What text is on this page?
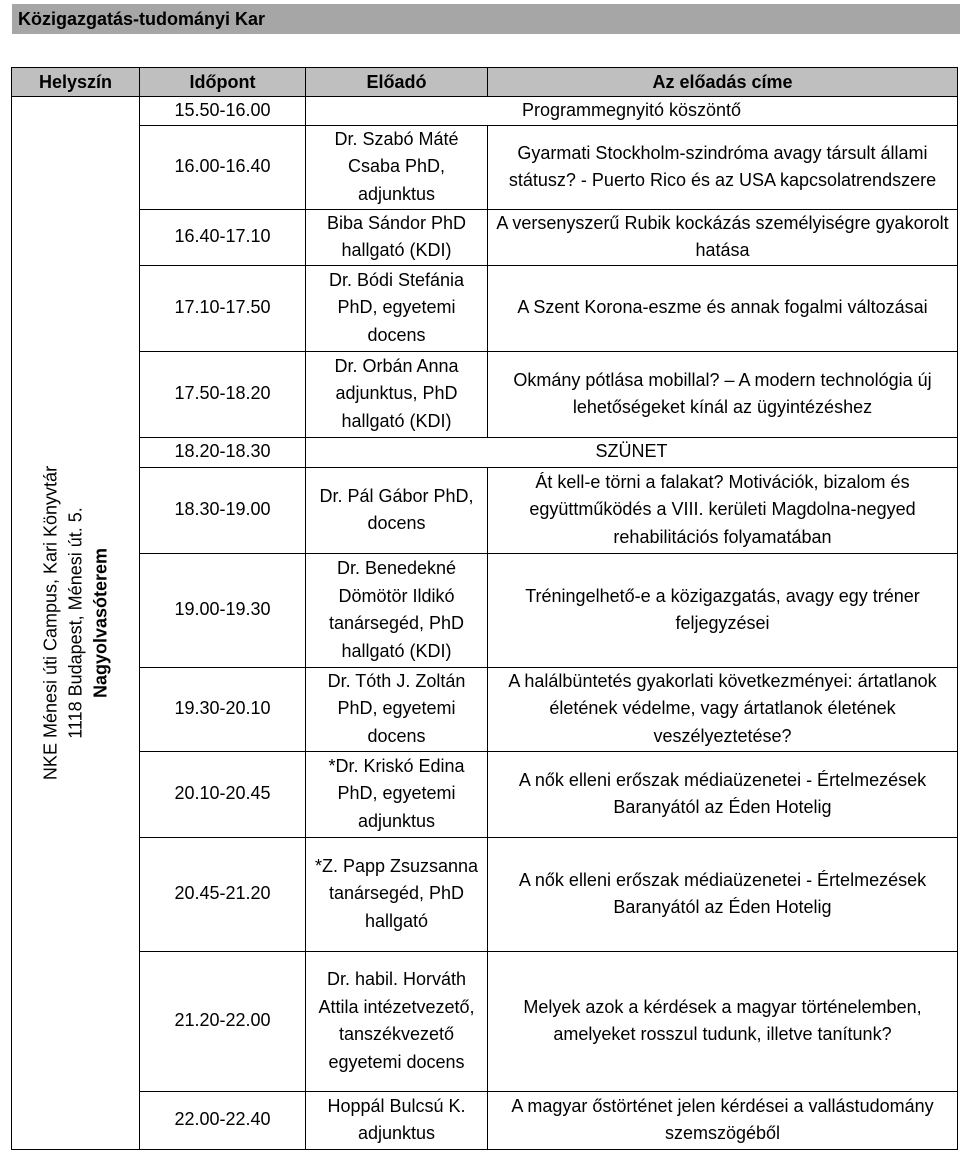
Közigazgatás-tudományi Kar
Helyszín	Időpont	Előadó	Az előadás címe

NKE Ménesi úti Campus, Kari Könyvtár 1118 Budapest, Ménesi út. 5. Nagyolvasóterem	15.50-16.00	Programmegnyitó köszöntő	
	16.00-16.40	Dr. Szabó Máté Csaba PhD, adjunktus	Gyarmati Stockholm-szindróma avagy társult állami státusz? - Puerto Rico és az USA kapcsolatrendszere
	16.40-17.10	Biba Sándor PhD hallgató (KDI)	A versenyszerű Rubik kockázás személyiségre gyakorolt hatása
	17.10-17.50	Dr. Bódi Stefánia PhD, egyetemi docens	A Szent Korona-eszme és annak fogalmi változásai
	17.50-18.20	Dr. Orbán Anna adjunktus, PhD hallgató (KDI)	Okmány pótlása mobillal? – A modern technológia új lehetőségeket kínál az ügyintézéshez
	18.20-18.30	SZÜNET	
	18.30-19.00	Dr. Pál Gábor PhD, docens	Át kell-e törni a falakat? Motivációk, bizalom és együttműködés a VIII. kerületi Magdolna-negyed rehabilitációs folyamatában
	19.00-19.30	Dr. Benedekné Dömötör Ildikó tanársegéd, PhD hallgató (KDI)	Tréningelhető-e a közigazgatás, avagy egy tréner feljegyzései
	19.30-20.10	Dr. Tóth J. Zoltán PhD, egyetemi docens	A halálbüntetés gyakorlati következményei: ártatlanok életének védelme, vagy ártatlanok életének veszélyeztetése?
	20.10-20.45	*Dr. Kriskó Edina PhD, egyetemi adjunktus	A nők elleni erőszak médiaüzenetei - Értelmezések Baranyától az Éden Hotelig
	20.45-21.20	*Z. Papp Zsuzsanna tanársegéd, PhD hallgató	A nők elleni erőszak médiaüzenetei - Értelmezések Baranyától az Éden Hotelig
	21.20-22.00	Dr. habil. Horváth Attila intézetvezető, tanszékvezető egyetemi docens	Melyek azok a kérdések a magyar történelemben, amelyeket rosszul tudunk, illetve tanítunk?
	22.00-22.40	Hoppál Bulcsú K. adjunktus	A magyar őstörténet jelen kérdései a vallástudomány szemszögéből
